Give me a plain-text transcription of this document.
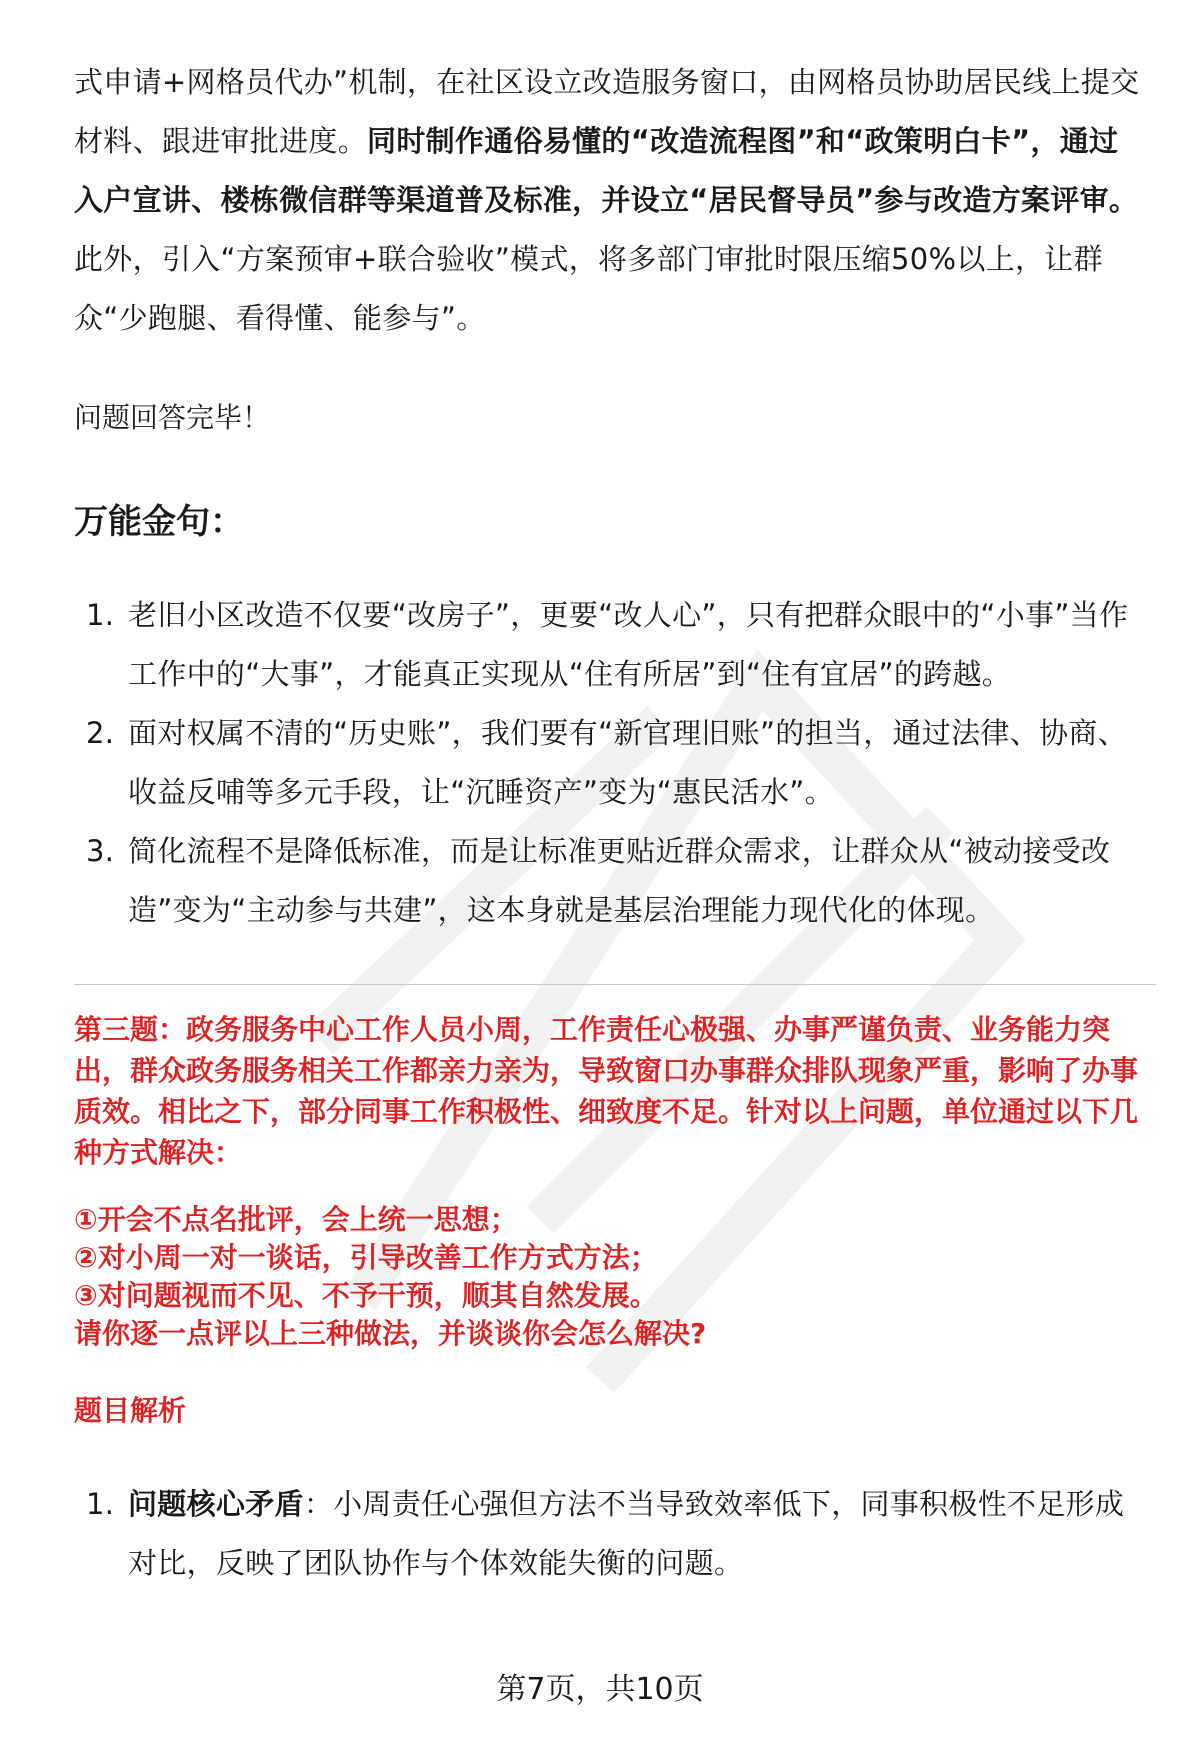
式申请+网格员代办”机制，在社区设立改造服务窗口，由网格员协助居民线上提交材料、跟进审批进度。同时制作通俗易懂的“改造流程图”和“政策明白卡”，通过入户宣讲、楼栋微信群等渠道普及标准，并设立“居民督导员”参与改造方案评审。 此外，引入“方案预审+联合验收”模式，将多部门审批时限压缩50%以上，让群众“少跑腿、看得懂、能参与”。

问题回答完毕！

万能金句：
1. 老旧小区改造不仅要“改房子”，更要“改人心”，只有把群众眼中的“小事”当作工作中的“大事”，才能真正实现从“住有所居”到“住有宜居”的跨越。
2. 面对权属不清的“历史账”，我们要有“新官理旧账”的担当，通过法律、协商、收益反哺等多元手段，让“沉睡资产”变为“惠民活水”。
3. 简化流程不是降低标准，而是让标准更贴近群众需求，让群众从“被动接受改造”变为“主动参与共建”，这本身就是基层治理能力现代化的体现。

第三题：政务服务中心工作人员小周，工作责任心极强、办事严谨负责、业务能力突出，群众政务服务相关工作都亲力亲为，导致窗口办事群众排队现象严重，影响了办事质效。相比之下，部分同事工作积极性、细致度不足。针对以上问题，单位通过以下几种方式解决：

①开会不点名批评，会上统一思想；
②对小周一对一谈话，引导改善工作方式方法；
③对问题视而不见、不予干预，顺其自然发展。
请你逐一点评以上三种做法，并谈谈你会怎么解决?

题目解析

1. 问题核心矛盾：小周责任心强但方法不当导致效率低下，同事积极性不足形成对比，反映了团队协作与个体效能失衡的问题。
第7页，共10页
